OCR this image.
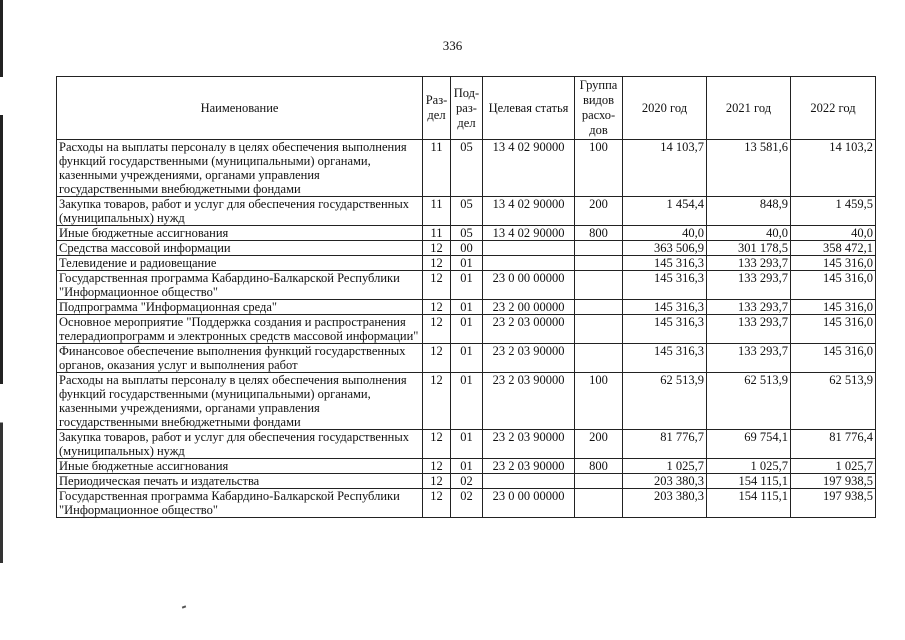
336
Наименование	Раз-дел	Под-раз-дел	Целевая статья	Группа видов расхо-дов	2020 год	2021 год	2022 год
Расходы на выплаты персоналу в целях обеспечения выполнения функций государственными (муниципальными) органами, казенными учреждениями, органами управления государственными внебюджетными фондами	11	05	13 4 02 90000	100	14 103,7	13 581,6	14 103,2
Закупка товаров, работ и услуг для обеспечения государственных (муниципальных) нужд	11	05	13 4 02 90000	200	1 454,4	848,9	1 459,5
Иные бюджетные ассигнования	11	05	13 4 02 90000	800	40,0	40,0	40,0
Средства массовой информации	12	00			363 506,9	301 178,5	358 472,1
Телевидение и радиовещание	12	01			145 316,3	133 293,7	145 316,0
Государственная программа Кабардино-Балкарской Республики "Информационное общество"	12	01	23 0 00 00000		145 316,3	133 293,7	145 316,0
Подпрограмма "Информационная среда"	12	01	23 2 00 00000		145 316,3	133 293,7	145 316,0
Основное мероприятие "Поддержка создания и распространения телерадиопрограмм и электронных средств массовой информации"	12	01	23 2 03 00000		145 316,3	133 293,7	145 316,0
Финансовое обеспечение выполнения функций государственных органов, оказания услуг и выполнения работ	12	01	23 2 03 90000		145 316,3	133 293,7	145 316,0
Расходы на выплаты персоналу в целях обеспечения выполнения функций государственными (муниципальными) органами, казенными учреждениями, органами управления государственными внебюджетными фондами	12	01	23 2 03 90000	100	62 513,9	62 513,9	62 513,9
Закупка товаров, работ и услуг для обеспечения государственных (муниципальных) нужд	12	01	23 2 03 90000	200	81 776,7	69 754,1	81 776,4
Иные бюджетные ассигнования	12	01	23 2 03 90000	800	1 025,7	1 025,7	1 025,7
Периодическая печать и издательства	12	02			203 380,3	154 115,1	197 938,5
Государственная программа Кабардино-Балкарской Республики "Информационное общество"	12	02	23 0 00 00000		203 380,3	154 115,1	197 938,5
